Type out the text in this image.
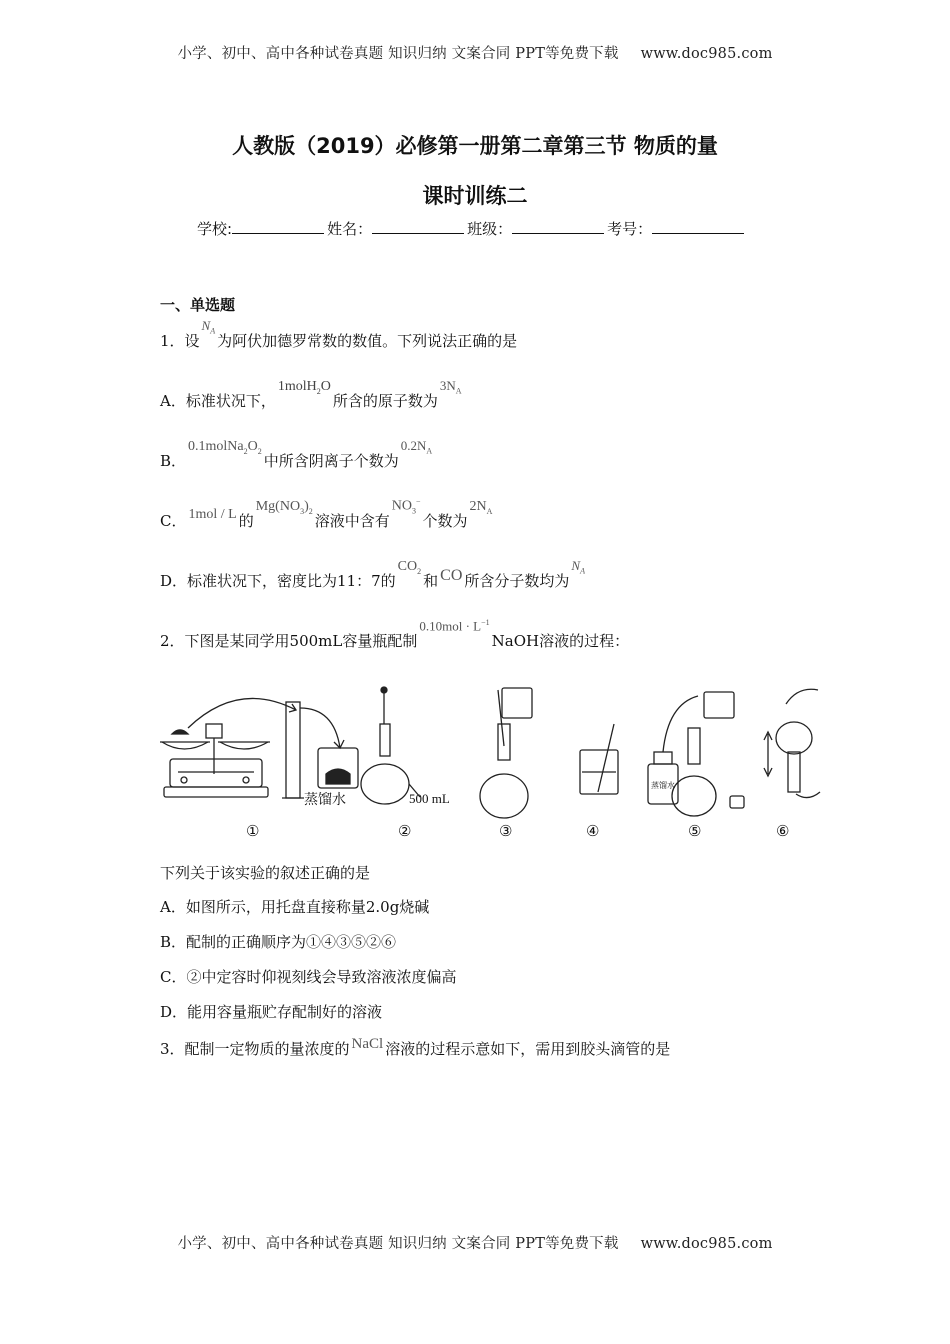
小学、初中、高中各种试卷真题 知识归纳 文案合同 PPT等免费下载 www.doc985.com
人教版（2019）必修第一册第二章第三节 物质的量
课时训练二
学校:	姓名：	班级：	考号：
一、单选题
1．设$N_A$为阿伏加德罗常数的数值。下列说法正确的是
A．标准状况下，1molH$_2$O所含的原子数为$3N_A$
B．$0.1molNa_2O_2$中所含阴离子个数为$0.2N_A$
C． 1mol / L 的$Mg(NO_3)_2$溶液中含有$NO_3^-$个数为$2N_A$
D．标准状况下，密度比为11：7的$CO_2$和 CO 所含分子数均为$N_A$
2．下图是某同学用500mL容量瓶配制$0.10mol \cdot L^{-1}NaOH$溶液的过程：
蒸馏水	500 mL
蒸馏水
①	②	③	④	⑤	⑥
下列关于该实验的叙述正确的是
A．如图所示，用托盘直接称量2.0g烧碱
B．配制的正确顺序为①④③⑤②⑥
C．②中定容时仰视刻线会导致溶液浓度偏高
D．能用容量瓶贮存配制好的溶液
3．配制一定物质的量浓度的 NaCl 溶液的过程示意如下，需用到胶头滴管的是
小学、初中、高中各种试卷真题 知识归纳 文案合同 PPT等免费下载 www.doc985.com
